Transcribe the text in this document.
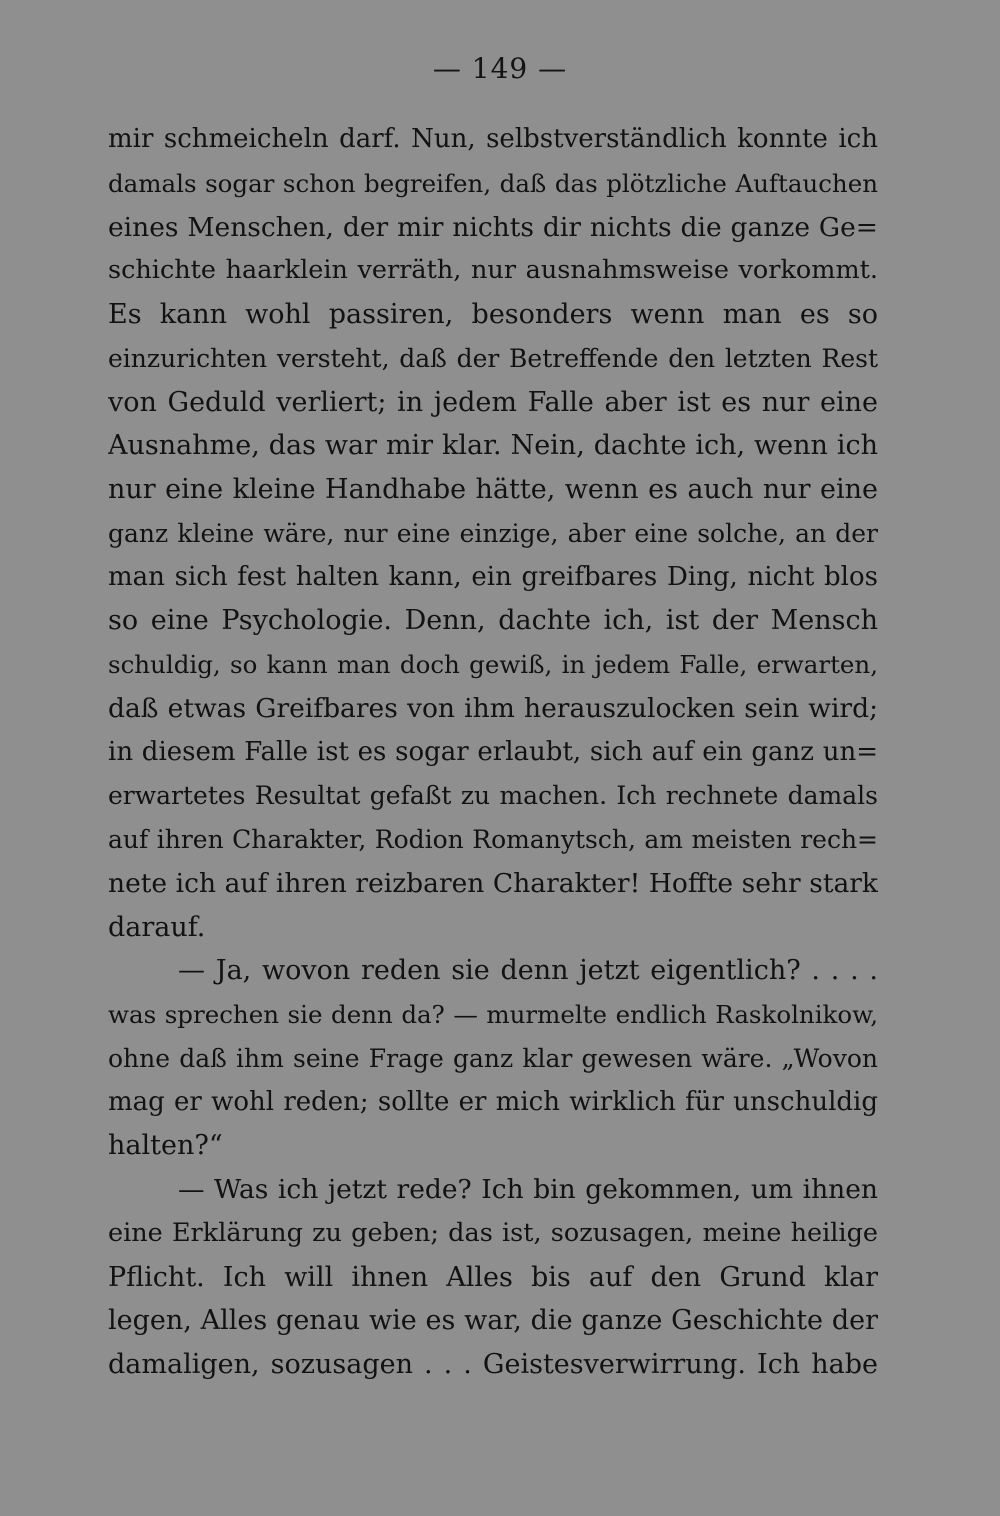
— 149 —
mir schmeicheln darf. Nun, selbstverständlich konnte ich
damals sogar schon begreifen, daß das plötzliche Auftauchen
eines Menschen, der mir nichts dir nichts die ganze Ge=
schichte haarklein verräth, nur ausnahmsweise vorkommt.
Es kann wohl passiren, besonders wenn man es so
einzurichten versteht, daß der Betreffende den letzten Rest
von Geduld verliert; in jedem Falle aber ist es nur eine
Ausnahme, das war mir klar. Nein, dachte ich, wenn ich
nur eine kleine Handhabe hätte, wenn es auch nur eine
ganz kleine wäre, nur eine einzige, aber eine solche, an der
man sich fest halten kann, ein greifbares Ding, nicht blos
so eine Psychologie. Denn, dachte ich, ist der Mensch
schuldig, so kann man doch gewiß, in jedem Falle, erwarten,
daß etwas Greifbares von ihm herauszulocken sein wird;
in diesem Falle ist es sogar erlaubt, sich auf ein ganz un=
erwartetes Resultat gefaßt zu machen. Ich rechnete damals
auf ihren Charakter, Rodion Romanytsch, am meisten rech=
nete ich auf ihren reizbaren Charakter! Hoffte sehr stark
darauf.
— Ja, wovon reden sie denn jetzt eigentlich? . . . .
was sprechen sie denn da? — murmelte endlich Raskolnikow,
ohne daß ihm seine Frage ganz klar gewesen wäre. „Wovon
mag er wohl reden; sollte er mich wirklich für unschuldig
halten?“
— Was ich jetzt rede? Ich bin gekommen, um ihnen
eine Erklärung zu geben; das ist, sozusagen, meine heilige
Pflicht. Ich will ihnen Alles bis auf den Grund klar
legen, Alles genau wie es war, die ganze Geschichte der
damaligen, sozusagen . . . Geistesverwirrung. Ich habe
